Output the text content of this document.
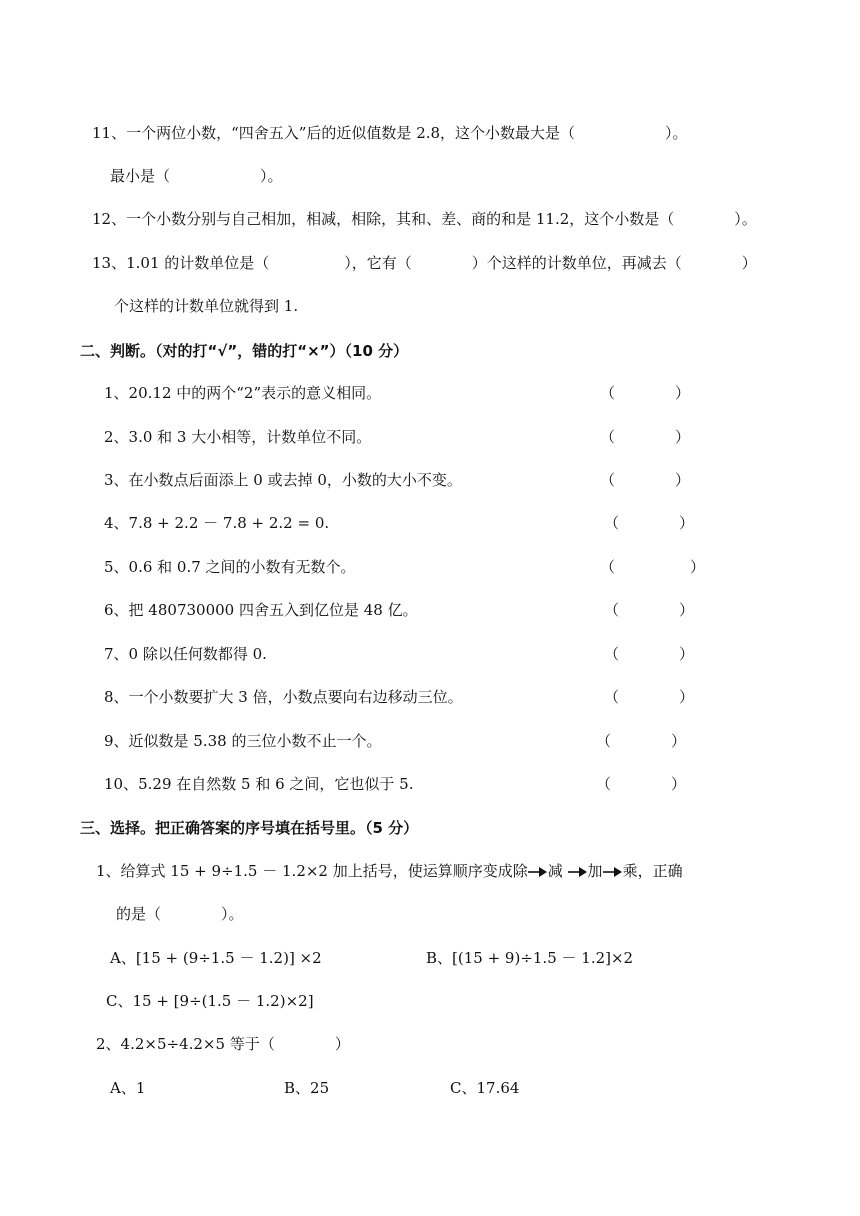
11、一个两位小数，“四舍五入”后的近似值数是 2.8，这个小数最大是（　　　　　　）。
最小是（　　　　　　）。
12、一个小数分别与自己相加，相减，相除，其和、差、商的和是 11.2，这个小数是（　　　　）。
13、1.01 的计数单位是（　　　　　），它有（　　　　）个这样的计数单位，再减去（　　　　）
个这样的计数单位就得到 1.
二、判断。（对的打“√”，错的打“×”）（10 分）
1、20.12 中的两个“2”表示的意义相同。	（　　　　）
2、3.0 和 3 大小相等，计数单位不同。	（　　　　）
3、在小数点后面添上 0 或去掉 0，小数的大小不变。	（　　　　）
4、7.8 + 2.2 － 7.8 + 2.2 = 0.	（　　　　）
5、0.6 和 0.7 之间的小数有无数个。	（　　　　　）
6、把 480730000 四舍五入到亿位是 48 亿。	（　　　　）
7、0 除以任何数都得 0.	（　　　　）
8、一个小数要扩大 3 倍，小数点要向右边移动三位。	（　　　　）
9、近似数是 5.38 的三位小数不止一个。	（　　　　）
10、5.29 在自然数 5 和 6 之间，它也似于 5.	（　　　　）
三、选择。把正确答案的序号填在括号里。（5 分）
1、给算式 15 + 9÷1.5 － 1.2×2 加上括号，使运算顺序变成除 减 加 乘，正确
的是（　　　　）。
A、[15 + (9÷1.5 － 1.2)] ×2	B、[(15 + 9)÷1.5 － 1.2]×2
C、15 + [9÷(1.5 － 1.2)×2]
2、4.2×5÷4.2×5 等于（　　　　）
A、1	B、25	C、17.64
